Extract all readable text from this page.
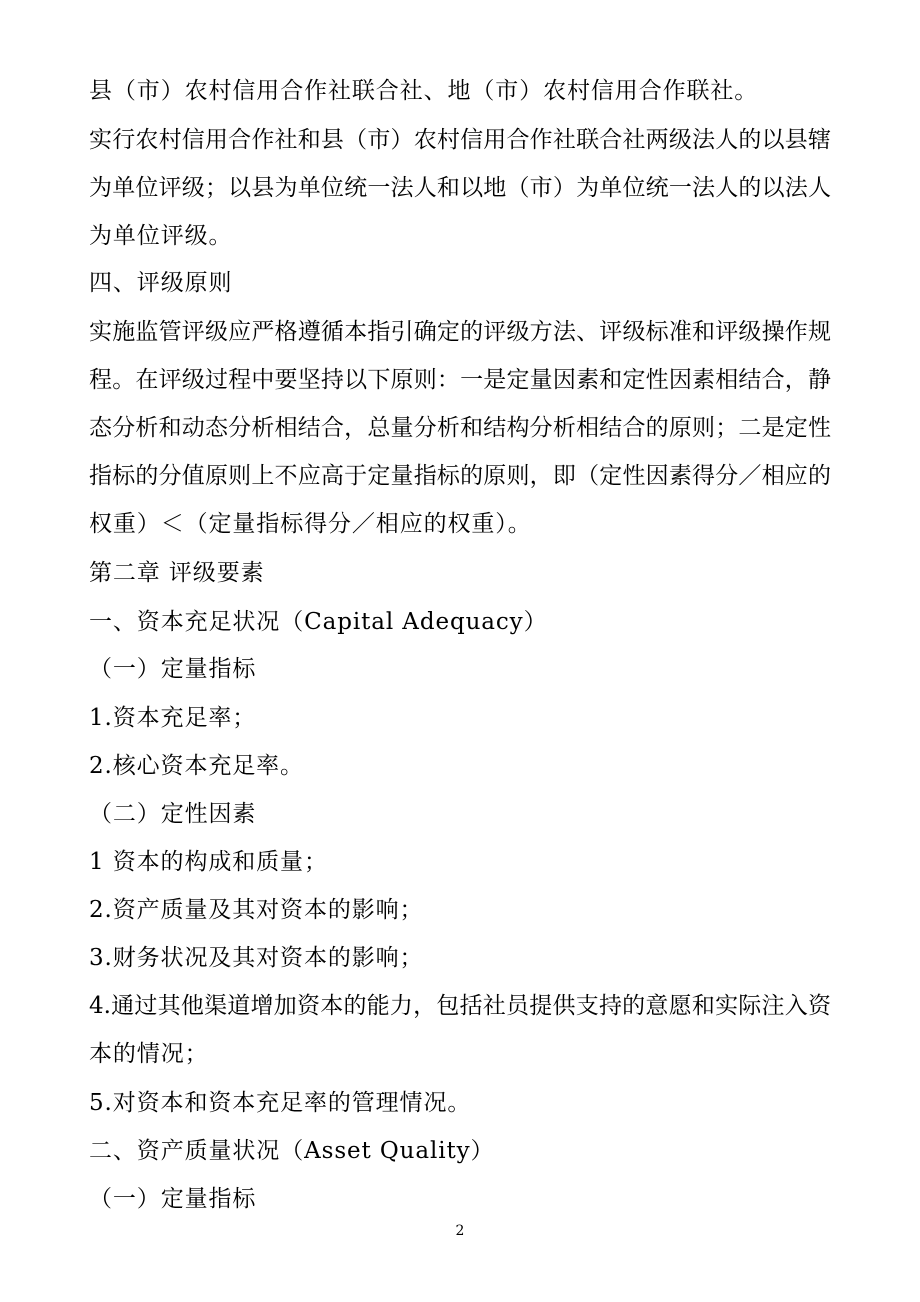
县（市）农村信用合作社联合社、地（市）农村信用合作联社。
实行农村信用合作社和县（市）农村信用合作社联合社两级法人的以县辖
为单位评级；以县为单位统一法人和以地（市）为单位统一法人的以法人
为单位评级。
四、评级原则
实施监管评级应严格遵循本指引确定的评级方法、评级标准和评级操作规
程。在评级过程中要坚持以下原则：一是定量因素和定性因素相结合，静
态分析和动态分析相结合，总量分析和结构分析相结合的原则；二是定性
指标的分值原则上不应高于定量指标的原则，即（定性因素得分／相应的
权重）＜（定量指标得分／相应的权重）。
第二章 评级要素
一、资本充足状况（Capital Adequacy）
（一）定量指标
1.资本充足率；
2.核心资本充足率。
（二）定性因素
1 资本的构成和质量；
2.资产质量及其对资本的影响；
3.财务状况及其对资本的影响；
4.通过其他渠道增加资本的能力，包括社员提供支持的意愿和实际注入资
本的情况；
5.对资本和资本充足率的管理情况。
二、资产质量状况（Asset Quality）
（一）定量指标
2
